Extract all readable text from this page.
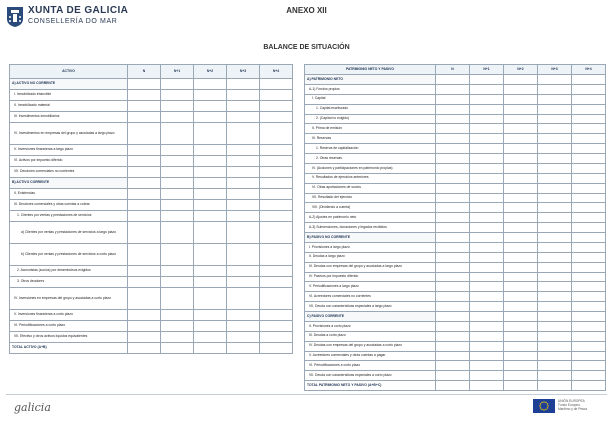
XUNTA DE GALICIA
CONSELLERÍA DO MAR
ANEXO XII
BALANCE DE SITUACIÓN
ACTIVO	N	N+1	N+2	N+3	N+4
A) ACTIVO NO CORRENTE					
I. Inmobilizado intanxible					
II. Inmobilizado material					
III. Investimentos inmobiliarios					
IV. Investimentos en empresas del grupo y asociadas a largo plazo					
V. Inversiones financieras a largo plazo					
VI. Activos por impuesto diferido					
VII. Deudores comerciales no corrientes					
B) ACTIVO CORRENTE					
II. Existencias					
III. Deudores comerciales y otras cuentas a cobrar					
1. Clientes por ventas y prestaciones de servicios					
a) Clientes por ventas y prestaciones de servicios a largo plazo					
b) Clientes por ventas y prestaciones de servicios a corto plazo					
2. Accionistas (socios) por desembolsos exigidos					
3. Otros deudores					
IV. Inversiones en empresas del grupo y asociadas a corto plazo					
V. Inversiones financieras a corto plazo					
VI. Periodificaciones a corto plazo					
VII. Efectivo y otros activos líquidos equivalentes					
TOTAL ACTIVO (A+B)					
PATRIMONIO NETO Y PASIVO	N	N+1	N+2	N+3	N+4
A) PATRIMONIO NETO					
A-1) Fondos propios					
I. Capital					
1. Capital escriturado					
2. (Capital no exigido)					
II. Prima de emisión					
III. Reservas					
1. Reserva de capitalización					
2. Otras reservas					
IV. (Acciones y participaciones en patrimonio propias)					
V. Resultados de ejercicios anteriores					
VI. Otras aportaciones de socios					
VII. Resultado del ejercicio					
VIII. (Dividendo a cuenta)					
A-2) Ajustes en patrimonio neto					
A-3) Subvenciones, donaciones y legados recibidos					
B) PASIVO NO CORRENTE					
I. Provisiones a largo plazo					
II. Deudas a largo plazo					
III. Deudas con empresas del grupo y asociadas a largo plazo					
IV. Pasivos por impuesto diferido					
V. Periodificaciones a largo plazo					
VI. Acreedores comerciales no corrientes					
VII. Deuda con características especiales a largo plazo					
C) PASIVO CORRENTE					
II. Provisiones a corto plazo					
III. Deudas a corto plazo					
IV. Deudas con empresas del grupo y asociadas a corto plazo					
V. Acreedores comerciales y otras cuentas a pagar					
VI. Periodificaciones a corto plazo					
VII. Deuda con características especiales a corto plazo					
TOTAL PATRIMONIO NETO Y PASIVO (A+B+C)					
galicia	UNIÓN EUROPEA
Fondo Europeo
Marítimo y de Pesca
